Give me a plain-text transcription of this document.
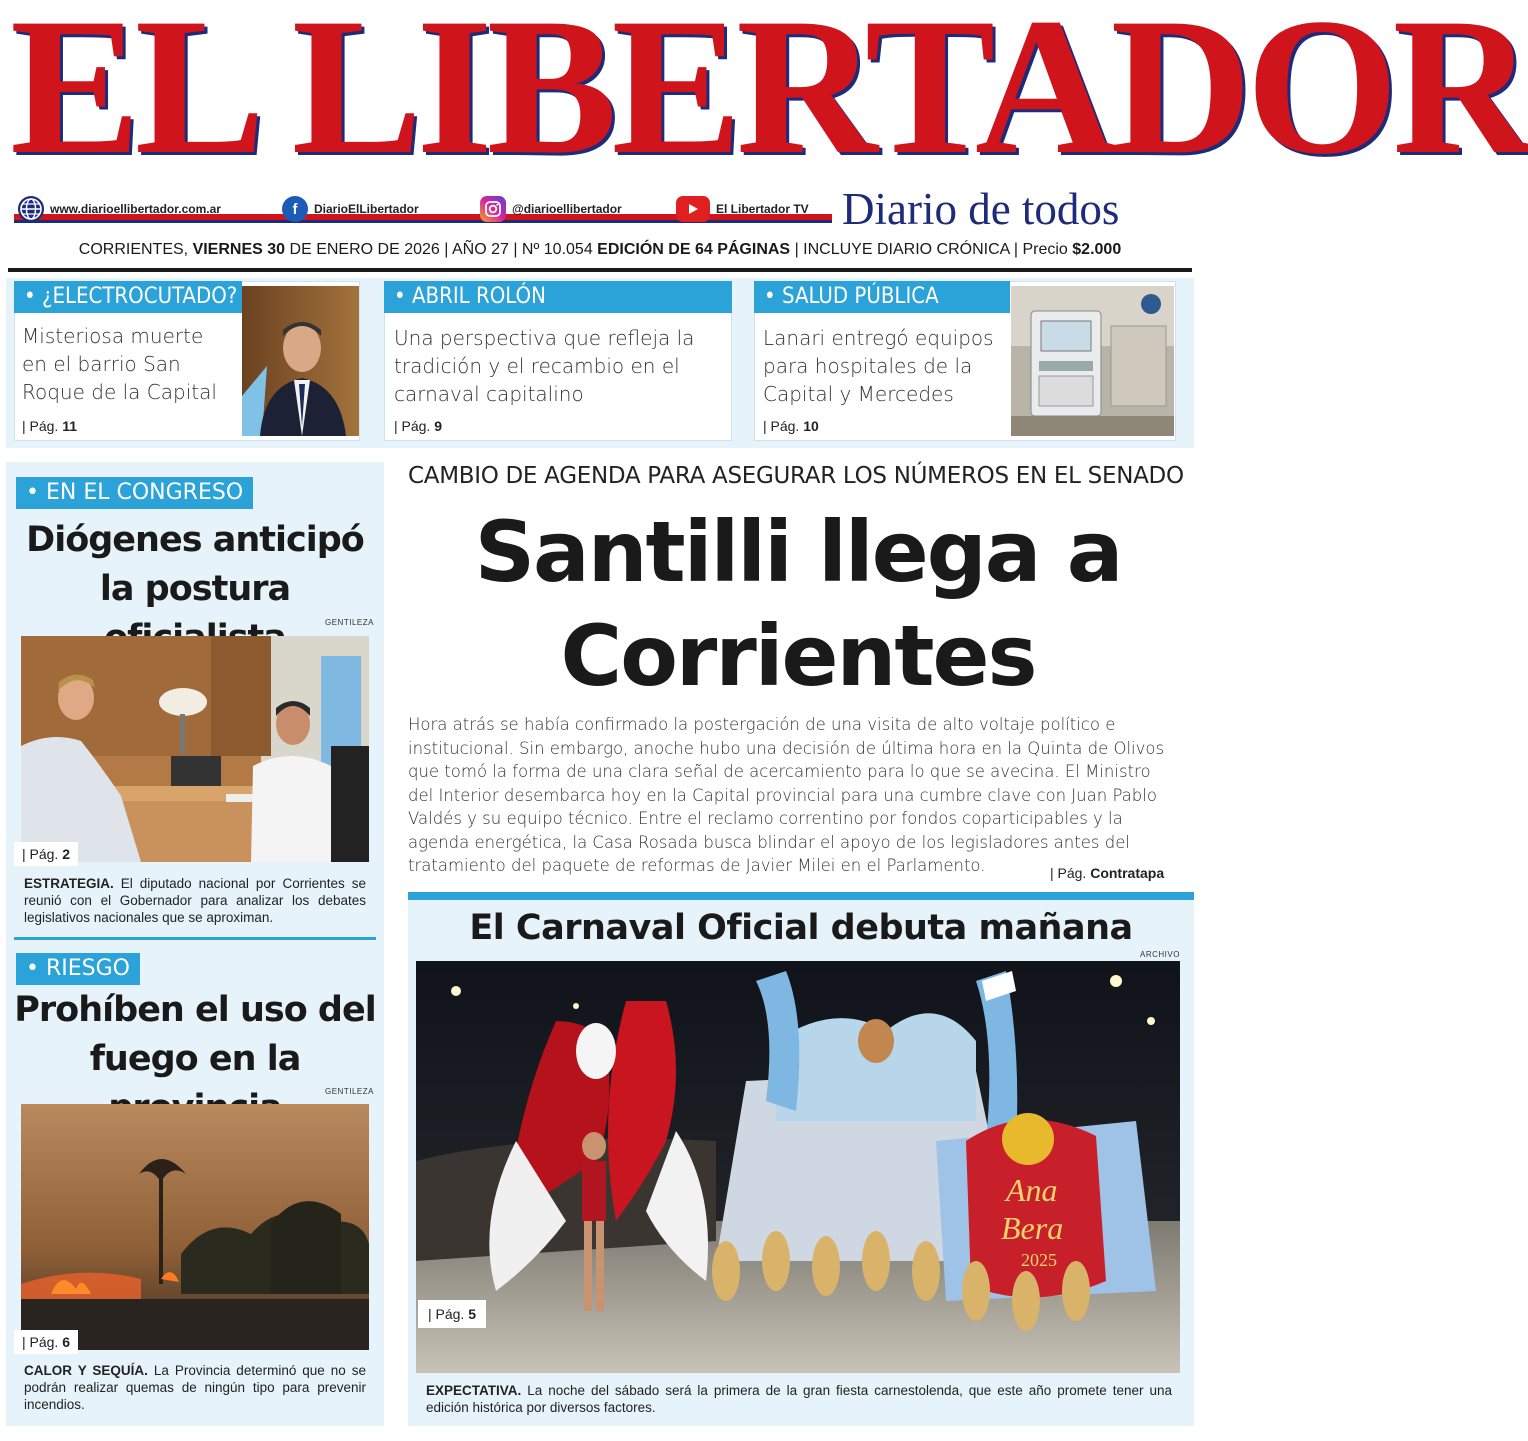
EL LIBERTADOR
www.diarioellibertador.com.ar	f	DiarioElLibertador	@diarioellibertador	El Libertador TV Diario de todos
CORRIENTES, VIERNES 30 DE ENERO DE 2026 | AÑO 27 | Nº 10.054 EDICIÓN DE 64 PÁGINAS | INCLUYE DIARIO CRÓNICA | Precio $2.000
• ¿ELECTROCUTADO?
Misteriosa muerte en el barrio San Roque de la Capital
| Pág. 11
• ABRIL ROLÓN
Una perspectiva que refleja la tradición y el recambio en el carnaval capitalino
| Pág. 9
• SALUD PÚBLICA
Lanari entregó equipos para hospitales de la Capital y Mercedes
| Pág. 10
• EN EL CONGRESO
Diógenes anticipó la postura
GENTILEZA
| Pág. 2
ESTRATEGIA. El diputado nacional por Corrientes se reunió con el Gobernador para analizar los debates legislativos nacionales que se aproximan.
• RIESGO
Prohíben el uso del fuego en la
GENTILEZA
| Pág. 6
CALOR Y SEQUÍA. La Provincia determinó que no se podrán realizar quemas de ningún tipo para prevenir incendios.
CAMBIO DE AGENDA PARA ASEGURAR LOS NÚMEROS EN EL SENADO
Santilli llega a
Corrientes
Hora atrás se había confirmado la postergación de una visita de alto voltaje político e institucional. Sin embargo, anoche hubo una decisión de última hora en la Quinta de Olivos que tomó la forma de una clara señal de acercamiento para lo que se avecina. El Ministro del Interior desembarca hoy en la Capital provincial para una cumbre clave con Juan Pablo Valdés y su equipo técnico. Entre el reclamo correntino por fondos coparticipables y la agenda energética, la Casa Rosada busca blindar el apoyo de los legisladores antes del tratamiento del paquete de reformas de Javier Milei en el Parlamento.	| Pág. Contratapa
El Carnaval Oficial debuta mañana
ARCHIVO
Ana
Bera
2025
| Pág. 5
EXPECTATIVA. La noche del sábado será la primera de la gran fiesta carnestolenda, que este año promete tener una edición histórica por diversos factores.
